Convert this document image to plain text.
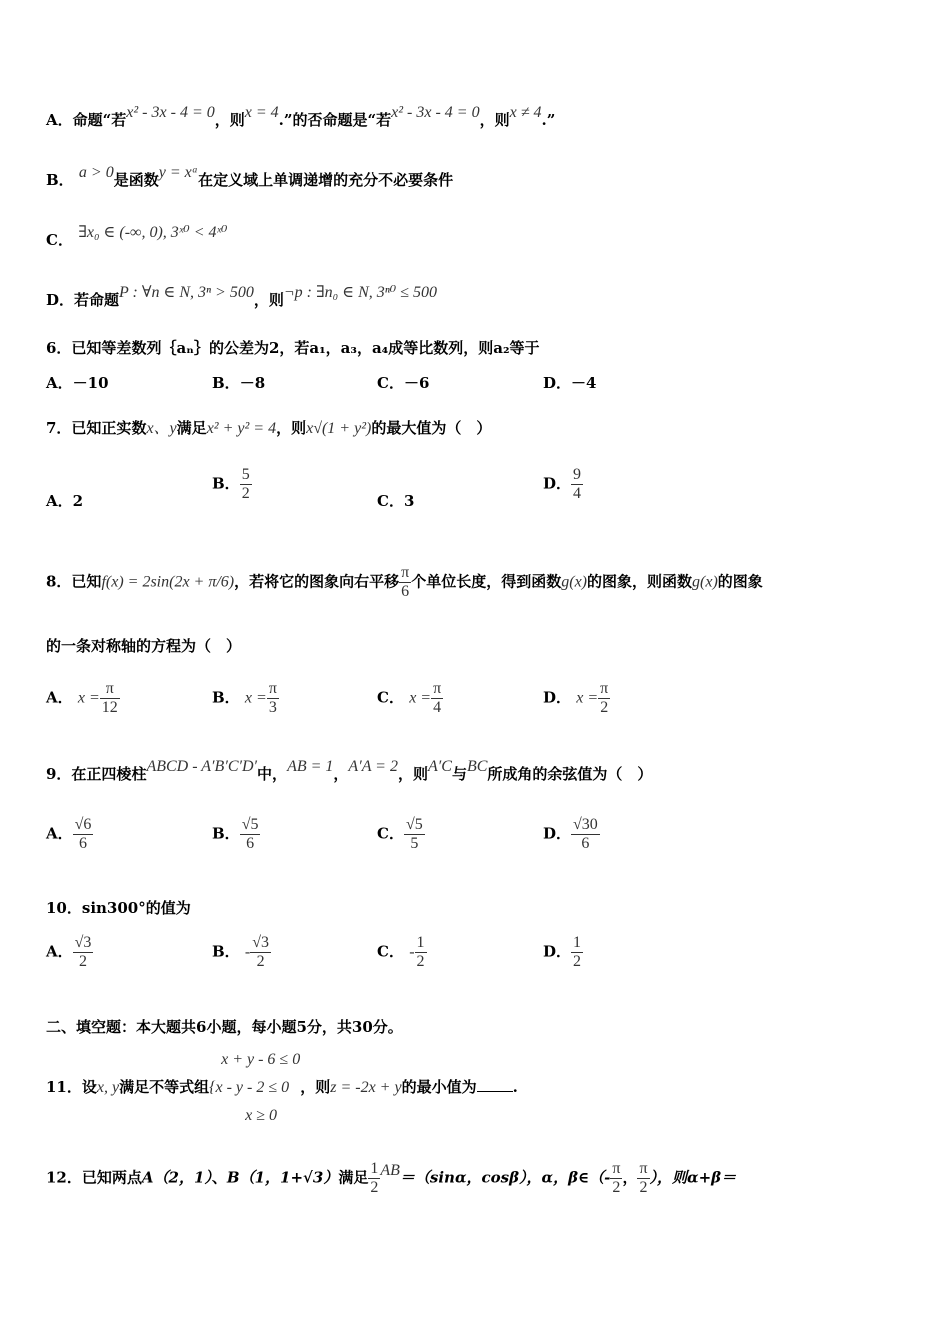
A．命题“若x² - 3x - 4 = 0，则x = 4.”的否命题是“若x² - 3x - 4 = 0，则x ≠ 4.”
B． a > 0是函数y = xᵃ在定义域上单调递增的充分不必要条件
C． ∃x₀ ∈ (-∞, 0), 3ˣ⁰ < 4ˣ⁰
D．若命题P : ∀n ∈ N, 3ⁿ > 500，则¬p : ∃n₀ ∈ N, 3ⁿ⁰ ≤ 500
6．已知等差数列｛aₙ｝的公差为2，若a₁，a₃，a₄成等比数列，则a₂等于
A．－10	B．－8	C．－6	D．－4
7．已知正实数x、y满足x² + y² = 4，则x√(1 + y²)的最大值为（　）
A．2
B． $\frac{5}{2}$	C．3
D． $\frac{9}{4}$
8．已知f(x) = 2sin(2x + π/6)，若将它的图象向右平移 $\frac{\pi}{6}$ 个单位长度，得到函数g(x)的图象，则函数g(x)的图象
的一条对称轴的方程为（　）
A． $x = \frac{\pi}{12}$	B． $x = \frac{\pi}{3}$	C． $x = \frac{\pi}{4}$	D． $x = \frac{\pi}{2}$
9．在正四棱柱ABCD - A′B′C′D′中，AB = 1，A′A = 2，则A′C与BC所成角的余弦值为（　）
A． $\frac{√6}{6}$	B． $\frac{√5}{6}$	C． $\frac{√5}{5}$	D． $\frac{√30}{6}$
10．sin300°的值为
A． $\frac{√3}{2}$	B． - $\frac{√3}{2}$	C． - $\frac{1}{2}$	D． $\frac{1}{2}$
二、填空题：本大题共6小题，每小题5分，共30分。
11．设x, y满足不等式组
x + y - 6 ≤ 0
{x - y - 2 ≤ 0
x ≥ 0
，则z = -2x + y的最小值为 .
12．已知两点A（2，1）、B（1，1+√3）满足 $\frac{1}{2} AB=(\sin\alpha$，cosβ），α，β∈（- $\frac{\pi}{2}$ ， $\frac{\pi}{2}$ ），则α+β＝
